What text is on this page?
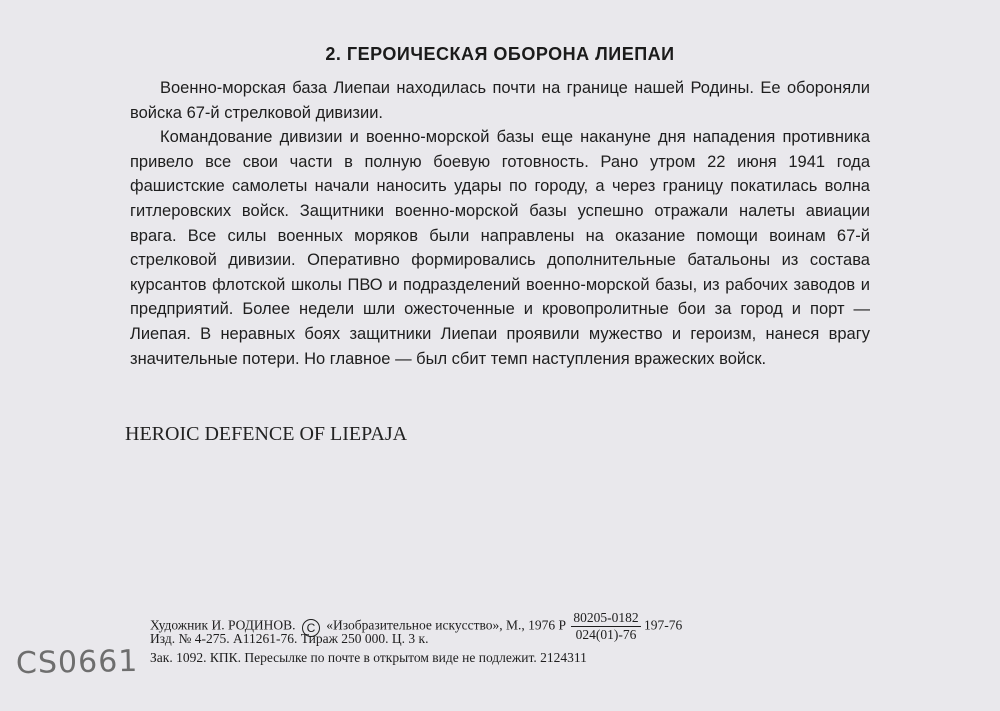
2. ГЕРОИЧЕСКАЯ ОБОРОНА ЛИЕПАИ

Военно-морская база Лиепаи находилась почти на границе нашей Родины. Ее обороняли войска 67-й стрелковой дивизии.

Командование дивизии и военно-морской базы еще накануне дня нападения противника привело все свои части в полную боевую готовность. Рано утром 22 июня 1941 года фашистские самолеты начали наносить удары по городу, а через границу покатилась волна гитлеровских войск. Защитники военно-морской базы успешно отражали налеты авиации врага. Все силы военных моряков были направлены на оказание помощи воинам 67-й стрелковой дивизии. Оперативно формировались дополнительные батальоны из состава курсантов флотской школы ПВО и подразделений военно-морской базы, из рабочих заводов и предприятий. Более недели шли ожесточенные и кровопролитные бои за город и порт — Лиепая. В неравных боях защитники Лиепаи проявили мужество и героизм, нанеся врагу значительные потери. Но главное — был сбит темп наступления вражеских войск.

HEROIC DEFENCE OF LIEPAJA
Художник И. РОДИНОВ. C «Изобразительное искусство», М., 1976 Р $\frac{80205-0182}{024(01)-76} 197-76$
Изд. № 4-275. А11261-76. Тираж 250 000. Ц. 3 к.
Зак. 1092. КПК. Пересылке по почте в открытом виде не подлежит. 2124311
CS0661
